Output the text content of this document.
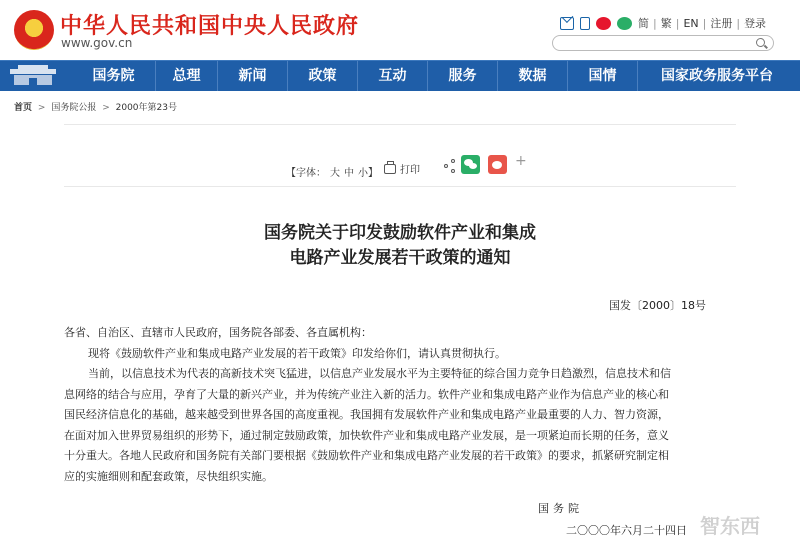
★ 中华人民共和国中央人民政府
www.gov.cn
简 | 繁 | EN | 注册 | 登录
国务院	总理	新闻	政策	互动	服务	数据	国情	国家政务服务平台
首页 > 国务院公报 > 2000年第23号
【字体： 大 中 小】 打印
+
国务院关于印发鼓励软件产业和集成
电路产业发展若干政策的通知
国发〔2000〕18号

各省、自治区、直辖市人民政府，国务院各部委、各直属机构：

现将《鼓励软件产业和集成电路产业发展的若干政策》印发给你们，请认真贯彻执行。

当前，以信息技术为代表的高新技术突飞猛进，以信息产业发展水平为主要特征的综合国力竞争日趋激烈，信息技术和信

息网络的结合与应用，孕育了大量的新兴产业，并为传统产业注入新的活力。软件产业和集成电路产业作为信息产业的核心和

国民经济信息化的基础，越来越受到世界各国的高度重视。我国拥有发展软件产业和集成电路产业最重要的人力、智力资源，

在面对加入世界贸易组织的形势下，通过制定鼓励政策，加快软件产业和集成电路产业发展，是一项紧迫而长期的任务，意义

十分重大。各地人民政府和国务院有关部门要根据《鼓励软件产业和集成电路产业发展的若干政策》的要求，抓紧研究制定相

应的实施细则和配套政策，尽快组织实施。

国务院
二〇〇〇年六月二十四日 智东西
